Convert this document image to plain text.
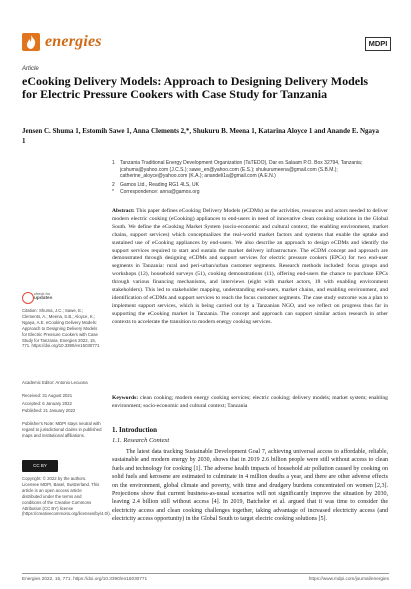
energies	MDPI
Article
eCooking Delivery Models: Approach to Designing Delivery Models for Electric Pressure Cookers with Case Study for Tanzania
Jensen C. Shuma 1, Estomih Sawe 1, Anna Clements 2,*, Shukuru B. Meena 1, Katarina Aloyce 1 and Anande E. Ngaya 1
1 Tanzania Traditional Energy Development Organization (TaTEDO), Dar es Salaam P.O. Box 32794, Tanzania; jcshuma@yahoo.com (J.C.S.); sawe_en@yahoo.com (E.S.); shukurumeena@gmail.com (S.B.M.); catherine_aloyce@yahoo.com (K.A.); anandeli1a@gmail.com (A.E.N.)
2 Gamos Ltd., Reading RG1 4LS, UK
* Correspondence: anna@gamos.org
check for
updates
Citation: Shuma, J.C.; Sawe, E.; Clements, A.; Meena, S.B.; Aloyce, K.; Ngaya, A.E. eCooking Delivery Models: Approach to Designing Delivery Models for Electric Pressure Cookers with Case Study for Tanzania. Energies 2022, 15, 771. https://doi.org/10.3390/en15030771
Academic Editor: Antonio Lecuona
Received: 31 August 2021
Accepted: 6 January 2022
Published: 21 January 2022
Publisher's Note: MDPI stays neutral with regard to jurisdictional claims in published maps and institutional affiliations.
CC BY
Copyright: © 2022 by the authors. Licensee MDPI, Basel, Switzerland. This article is an open access article distributed under the terms and conditions of the Creative Commons Attribution (CC BY) license (https://creativecommons.org/licenses/by/4.0/).
Abstract: This paper defines eCooking Delivery Models (eCDMs) as the activities, resources and actors needed to deliver modern electric cooking (eCooking) appliances to end-users in need of innovative clean cooking solutions in the Global South. We define the eCooking Market System (socio-economic and cultural context, the enabling environment, market chains, support services) which conceptualizes the real-world market factors and systems that enable the uptake and sustained use of eCooking appliances by end-users. We also describe an approach to design eCDMs and identify the support services required to start and sustain the market delivery infrastructure. The eCDM concept and approach are demonstrated through designing eCDMs and support services for electric pressure cookers (EPCs) for two end-user segments in Tanzania: rural and peri-urban/urban customer segments. Research methods included: focus groups and workshops (12), household surveys (51), cooking demonstrations (11), offering end-users the chance to purchase EPCs through various financing mechanisms, and interviews (eight with market actors, 18 with enabling environment stakeholders). This led to stakeholder mapping, understanding end-users, market chains, and enabling environment, and identification of eCDMs and support services to reach the focus customer segments. The case study outcome was a plan to implement support services, which is being carried out by a Tanzanian NGO, and we reflect on progress thus far in supporting the eCooking market in Tanzania. The concept and approach can support similar action research in other contexts to accelerate the transition to modern energy cooking services.
Keywords: clean cooking; modern energy cooking services; electric cooking; delivery models; market system; enabling environment; socio-economic and cultural context; Tanzania
1. Introduction
1.1. Research Context
The latest data tracking Sustainable Development Goal 7, achieving universal access to affordable, reliable, sustainable and modern energy by 2030, shows that in 2019 2.6 billion people were still without access to clean fuels and technology for cooking [1]. The adverse health impacts of household air pollution caused by cooking on solid fuels and kerosene are estimated to culminate in 4 million deaths a year, and there are other adverse effects on the environment, global climate and poverty, with time and drudgery burdens concentrated on women [2,3]. Projections show that current business-as-usual scenarios will not significantly improve the situation by 2030, leaving 2.4 billion still without access [4]. In 2019, Batchelor et al. argued that it was time to consider the electricity access and clean cooking challenges together, taking advantage of increased electricity access (and electricity access opportunity) in the Global South to target electric cooking solutions [5].
Energies 2022, 15, 771. https://doi.org/10.3390/en15030771	https://www.mdpi.com/journal/energies
